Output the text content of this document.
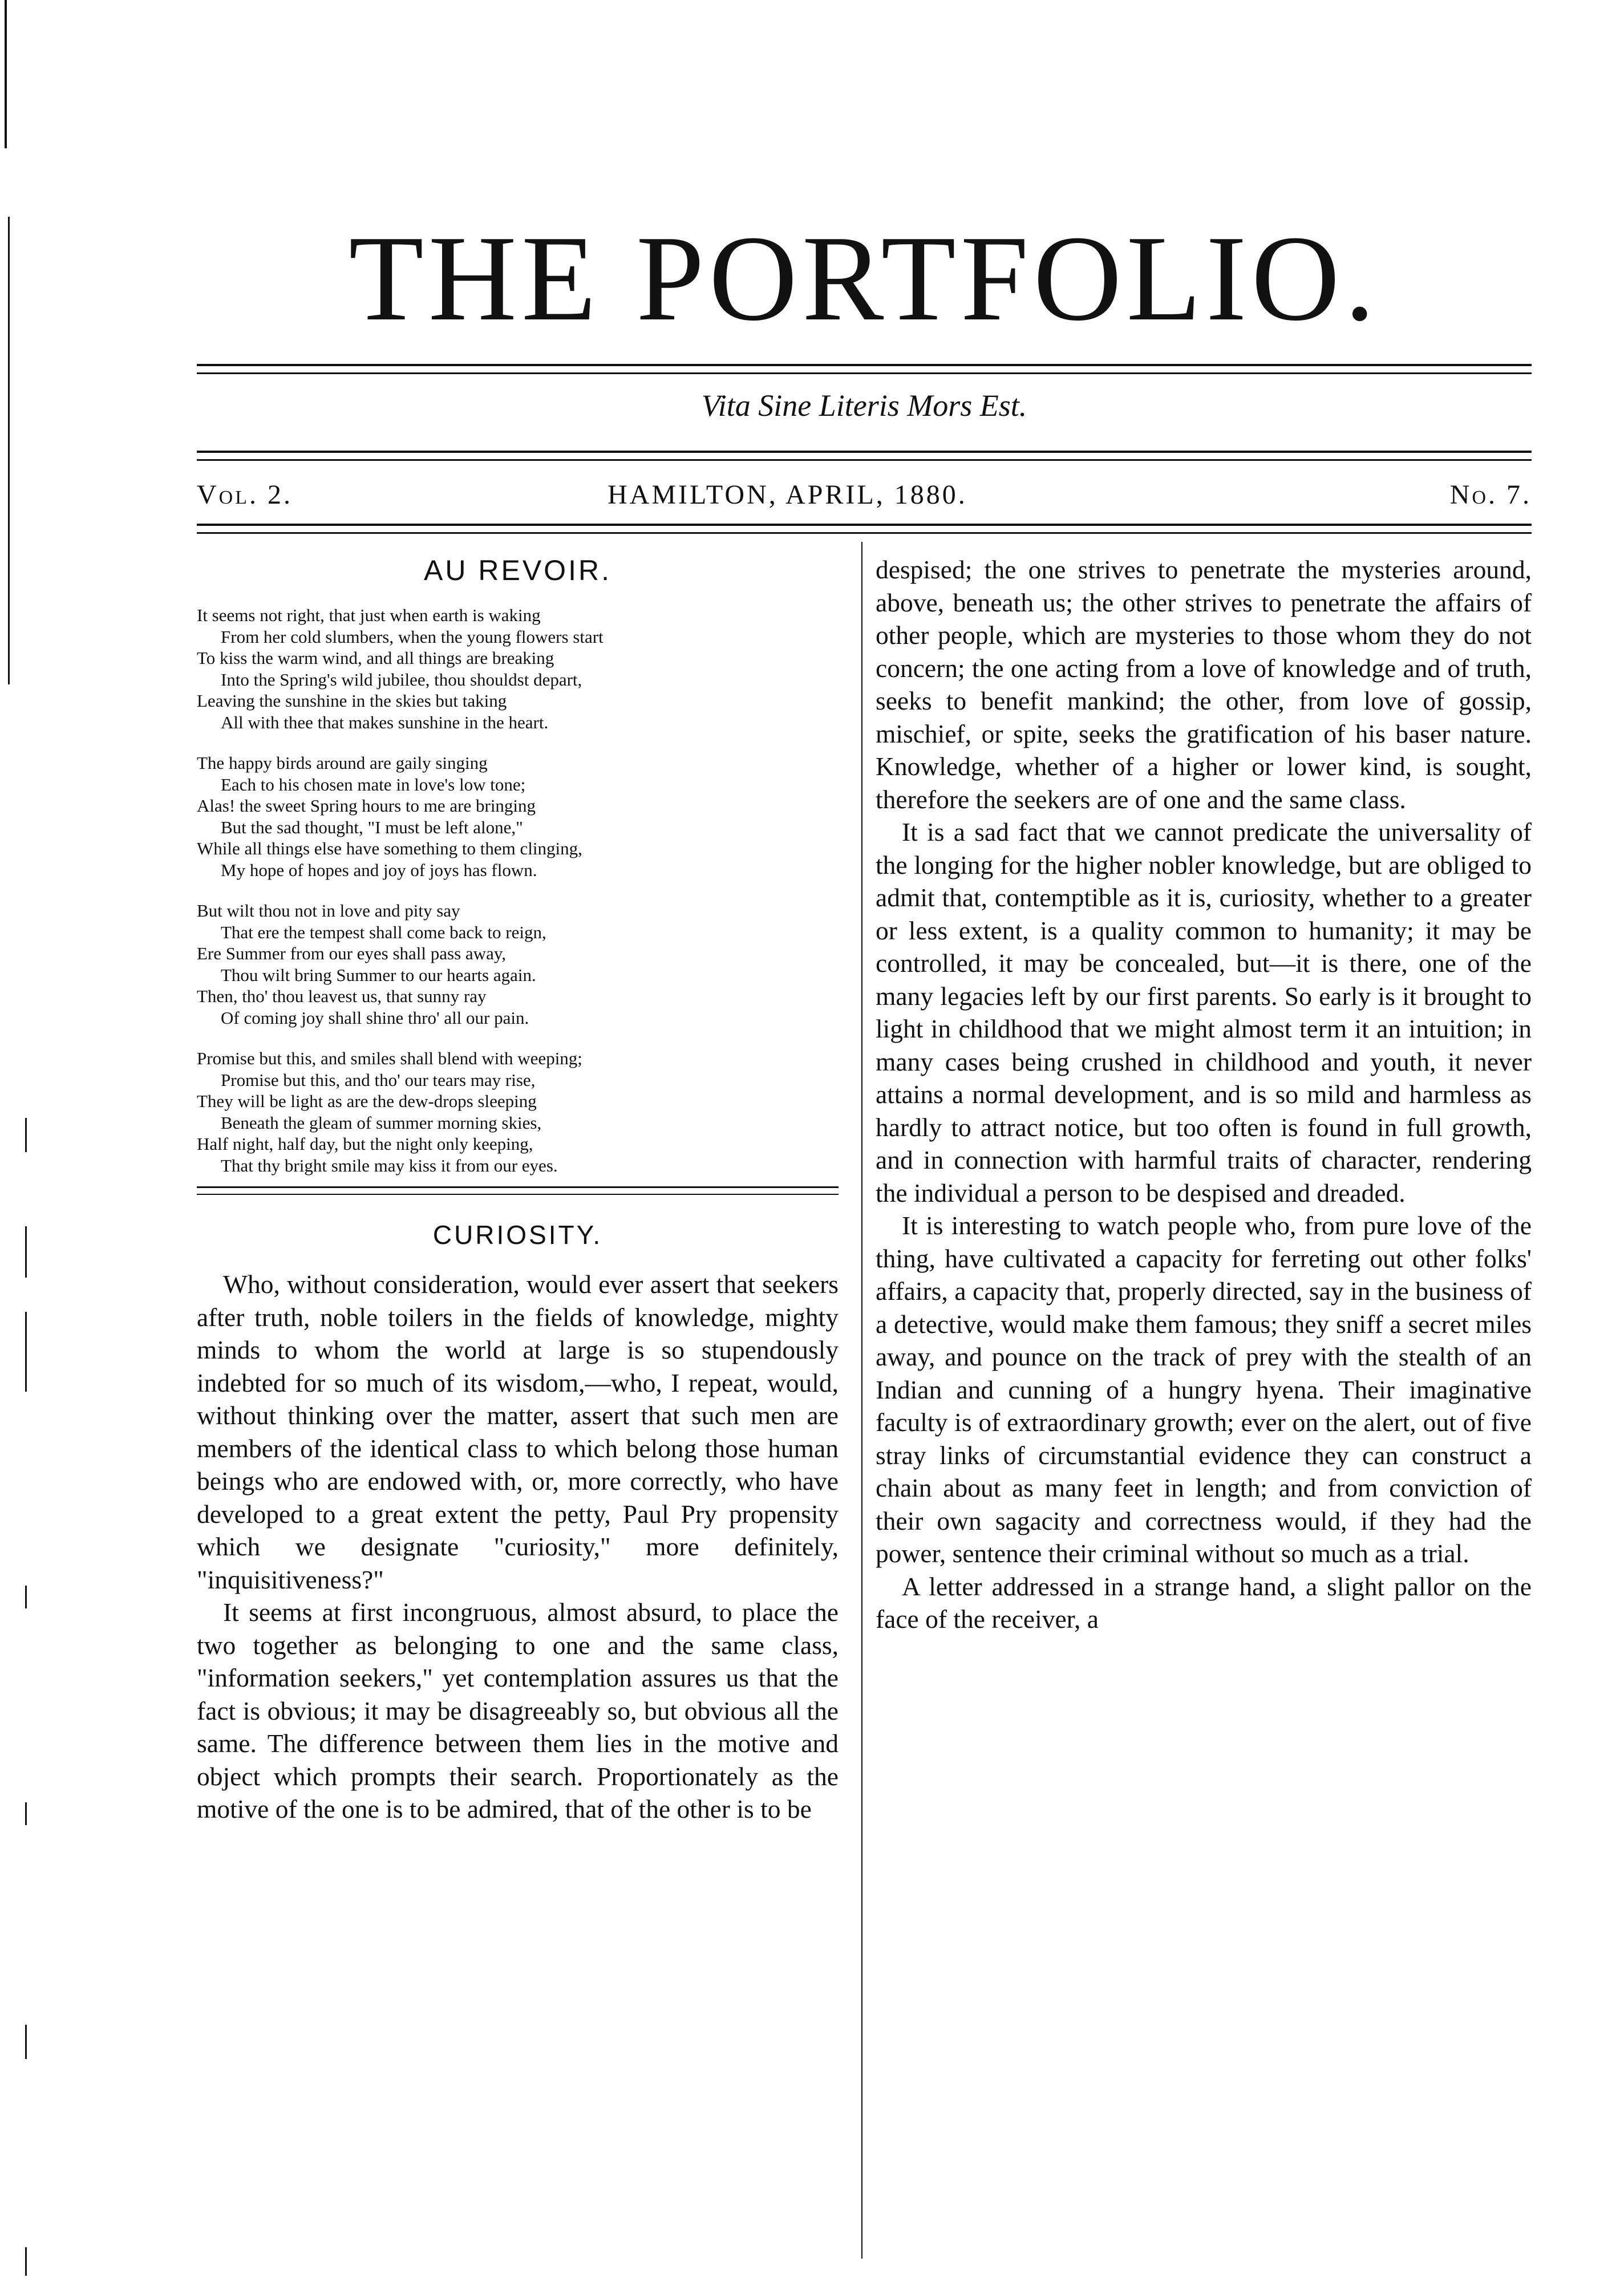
THE PORTFOLIO.
Vita Sine Literis Mors Est.
Vol. 2.	HAMILTON, APRIL, 1880.	No. 7.
AU REVOIR.
It seems not right, that just when earth is waking
From her cold slumbers, when the young flowers start
To kiss the warm wind, and all things are breaking
Into the Spring's wild jubilee, thou shouldst depart,
Leaving the sunshine in the skies but taking
All with thee that makes sunshine in the heart.
The happy birds around are gaily singing
Each to his chosen mate in love's low tone;
Alas! the sweet Spring hours to me are bringing
But the sad thought, "I must be left alone,"
While all things else have something to them clinging,
My hope of hopes and joy of joys has flown.
But wilt thou not in love and pity say
That ere the tempest shall come back to reign,
Ere Summer from our eyes shall pass away,
Thou wilt bring Summer to our hearts again.
Then, tho' thou leavest us, that sunny ray
Of coming joy shall shine thro' all our pain.
Promise but this, and smiles shall blend with weeping;
Promise but this, and tho' our tears may rise,
They will be light as are the dew-drops sleeping
Beneath the gleam of summer morning skies,
Half night, half day, but the night only keeping,
That thy bright smile may kiss it from our eyes.
CURIOSITY.

Who, without consideration, would ever assert that seekers after truth, noble toilers in the fields of knowledge, mighty minds to whom the world at large is so stupendously indebted for so much of its wisdom,—who, I repeat, would, without thinking over the matter, assert that such men are members of the identical class to which belong those human beings who are endowed with, or, more correctly, who have developed to a great extent the petty, Paul Pry propensity which we designate "curiosity," more definitely, "inquisitiveness?"

It seems at first incongruous, almost absurd, to place the two together as belonging to one and the same class, "information seekers," yet contemplation assures us that the fact is obvious; it may be disagreeably so, but obvious all the same. The difference between them lies in the motive and object which prompts their search. Proportionately as the motive of the one is to be admired, that of the other is to be

despised; the one strives to penetrate the mysteries around, above, beneath us; the other strives to penetrate the affairs of other people, which are mysteries to those whom they do not concern; the one acting from a love of knowledge and of truth, seeks to benefit mankind; the other, from love of gossip, mischief, or spite, seeks the gratification of his baser nature. Knowledge, whether of a higher or lower kind, is sought, therefore the seekers are of one and the same class.

It is a sad fact that we cannot predicate the universality of the longing for the higher nobler knowledge, but are obliged to admit that, contemptible as it is, curiosity, whether to a greater or less extent, is a quality common to humanity; it may be controlled, it may be concealed, but—it is there, one of the many legacies left by our first parents. So early is it brought to light in childhood that we might almost term it an intuition; in many cases being crushed in childhood and youth, it never attains a normal development, and is so mild and harmless as hardly to attract notice, but too often is found in full growth, and in connection with harmful traits of character, rendering the individual a person to be despised and dreaded.

It is interesting to watch people who, from pure love of the thing, have cultivated a capacity for ferreting out other folks' affairs, a capacity that, properly directed, say in the business of a detective, would make them famous; they sniff a secret miles away, and pounce on the track of prey with the stealth of an Indian and cunning of a hungry hyena. Their imaginative faculty is of extraordinary growth; ever on the alert, out of five stray links of circumstantial evidence they can construct a chain about as many feet in length; and from conviction of their own sagacity and correctness would, if they had the power, sentence their criminal without so much as a trial.

A letter addressed in a strange hand, a slight pallor on the face of the receiver, a
